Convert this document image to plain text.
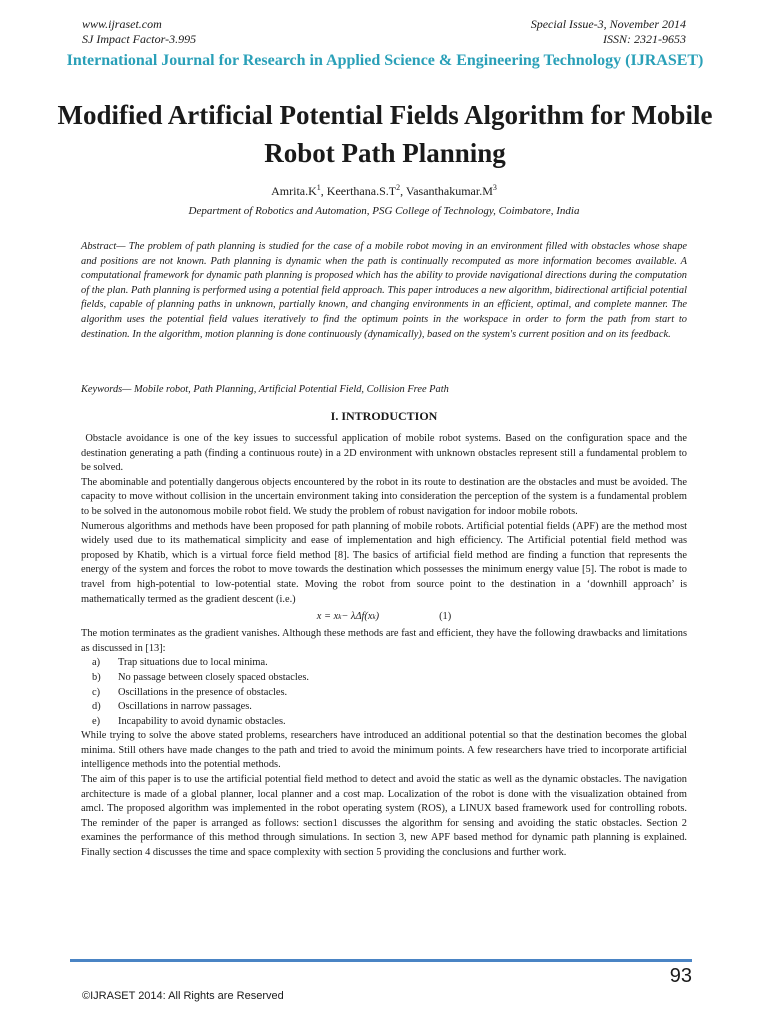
www.ijraset.com
SJ Impact Factor-3.995
Special Issue-3, November 2014
ISSN: 2321-9653
International Journal for Research in Applied Science & Engineering Technology (IJRASET)
Modified Artificial Potential Fields Algorithm for Mobile Robot Path Planning
$Amrita.K^1$, $Keerthana.S.T^2$, $Vasanthakumar.M^3$
Department of Robotics and Automation, PSG College of Technology, Coimbatore, India

Abstract— The problem of path planning is studied for the case of a mobile robot moving in an environment filled with obstacles whose shape and positions are not known. Path planning is dynamic when the path is continually recomputed as more information becomes available. A computational framework for dynamic path planning is proposed which has the ability to provide navigational directions during the computation of the plan. Path planning is performed using a potential field approach. This paper introduces a new algorithm, bidirectional artificial potential fields, capable of planning paths in unknown, partially known, and changing environments in an efficient, optimal, and complete manner. The algorithm uses the potential field values iteratively to find the optimum points in the workspace in order to form the path from start to destination. In the algorithm, motion planning is done continuously (dynamically), based on the system's current position and on its feedback.

Keywords— Mobile robot, Path Planning, Artificial Potential Field, Collision Free Path

I. INTRODUCTION

Obstacle avoidance is one of the key issues to successful application of mobile robot systems. Based on the configuration space and the destination generating a path (finding a continuous route) in a 2D environment with unknown obstacles represent still a fundamental problem to be solved.

The abominable and potentially dangerous objects encountered by the robot in its route to destination are the obstacles and must be avoided. The capacity to move without collision in the uncertain environment taking into consideration the perception of the system is a fundamental problem to be solved in the autonomous mobile robot field. We study the problem of robust navigation for indoor mobile robots.

Numerous algorithms and methods have been proposed for path planning of mobile robots. Artificial potential fields (APF) are the method most widely used due to its mathematical simplicity and ease of implementation and high efficiency. The Artificial potential field method was proposed by Khatib, which is a virtual force field method [8]. The basics of artificial field method are finding a function that represents the energy of the system and forces the robot to move towards the destination which possesses the minimum energy value [5]. The robot is made to travel from high-potential to low-potential state. Moving the robot from source point to the destination in a ‘downhill approach’ is mathematically termed as the gradient descent (i.e.)

x = x k − λΔf(x k )	(1)

The motion terminates as the gradient vanishes. Although these methods are fast and efficient, they have the following drawbacks and limitations as discussed in [13]:

a)	Trap situations due to local minima.
b)	No passage between closely spaced obstacles.
c)	Oscillations in the presence of obstacles.
d)	Oscillations in narrow passages.
e)	Incapability to avoid dynamic obstacles.

While trying to solve the above stated problems, researchers have introduced an additional potential so that the destination becomes the global minima. Still others have made changes to the path and tried to avoid the minimum points. A few researchers have tried to incorporate artificial intelligence methods into the potential methods.

The aim of this paper is to use the artificial potential field method to detect and avoid the static as well as the dynamic obstacles. The navigation architecture is made of a global planner, local planner and a cost map. Localization of the robot is done with the visualization obtained from amcl. The proposed algorithm was implemented in the robot operating system (ROS), a LINUX based framework used for controlling robots. The reminder of the paper is arranged as follows: section1 discusses the algorithm for sensing and avoiding the static obstacles. Section 2 examines the performance of this method through simulations. In section 3, new APF based method for dynamic path planning is explained. Finally section 4 discusses the time and space complexity with section 5 providing the conclusions and further work.

93
©IJRASET 2014: All Rights are Reserved
